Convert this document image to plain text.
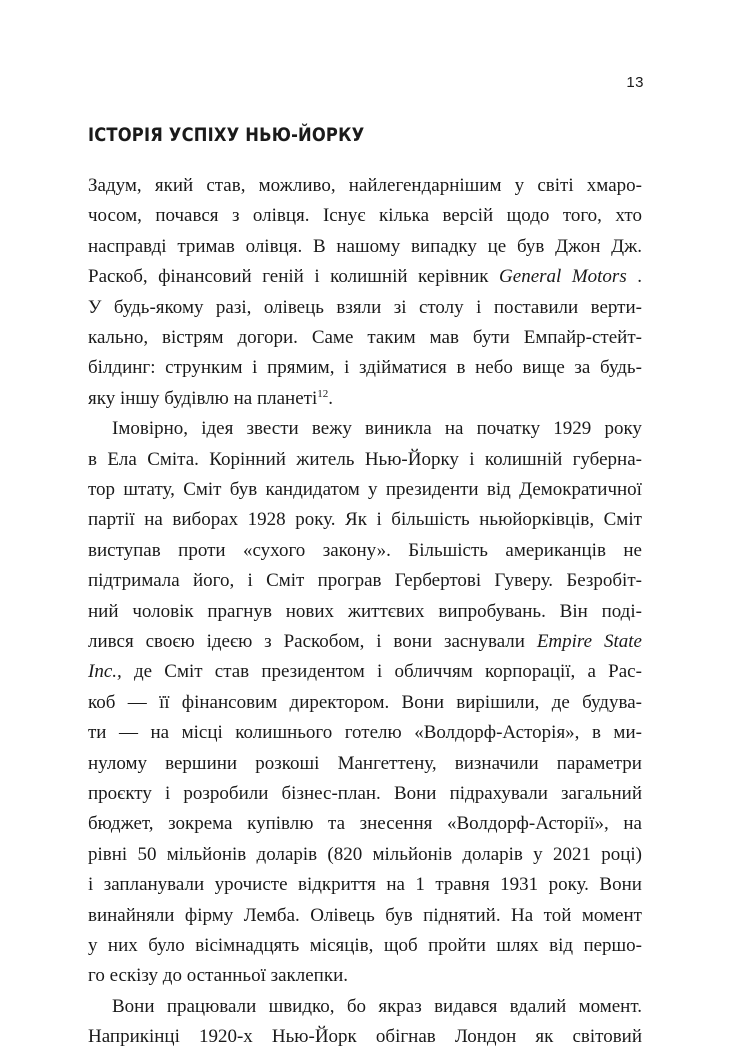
13
ІСТОРІЯ УСПІХУ НЬЮ-ЙОРКУ
Задум, який став, можливо, найлегендарнішим у світі хмаро-
чосом, почався з олівця. Існує кілька версій щодо того, хто
насправді тримав олівця. В нашому випадку це був Джон Дж.
Раскоб, фінансовий геній і колишній керівник General Motors .
У будь-якому разі, олівець взяли зі столу і поставили верти-
кально, вістрям догори. Саме таким мав бути Емпайр-стейт-
білдинг: струнким і прямим, і здійматися в небо вище за будь-
яку іншу будівлю на планеті$^{12}$.
Імовірно, ідея звести вежу виникла на початку 1929 року
в Ела Сміта. Корінний житель Нью-Йорку і колишній губерна-
тор штату, Сміт був кандидатом у президенти від Демократичної
партії на виборах 1928 року. Як і більшість ньюйорківців, Сміт
виступав проти «сухого закону». Більшість американців не
підтримала його, і Сміт програв Гербертові Гуверу. Безробіт-
ний чоловік прагнув нових життєвих випробувань. Він поді-
лився своєю ідеєю з Раскобом, і вони заснували Empire State
Inc., де Сміт став президентом і обличчям корпорації, а Рас-
коб — її фінансовим директором. Вони вирішили, де будува-
ти — на місці колишнього готелю «Волдорф-Асторія», в ми-
нулому вершини розкоші Мангеттену, визначили параметри
проєкту і розробили бізнес-план. Вони підрахували загальний
бюджет, зокрема купівлю та знесення «Волдорф-Асторії», на
рівні 50 мільйонів доларів (820 мільйонів доларів у 2021 році)
і запланували урочисте відкриття на 1 травня 1931 року. Вони
винайняли фірму Лемба. Олівець був піднятий. На той момент
у них було вісімнадцять місяців, щоб пройти шлях від першо-
го ескізу до останньої заклепки.
Вони працювали швидко, бо якраз видався вдалий момент.
Наприкінці 1920-х Нью-Йорк обігнав Лондон як світовий
